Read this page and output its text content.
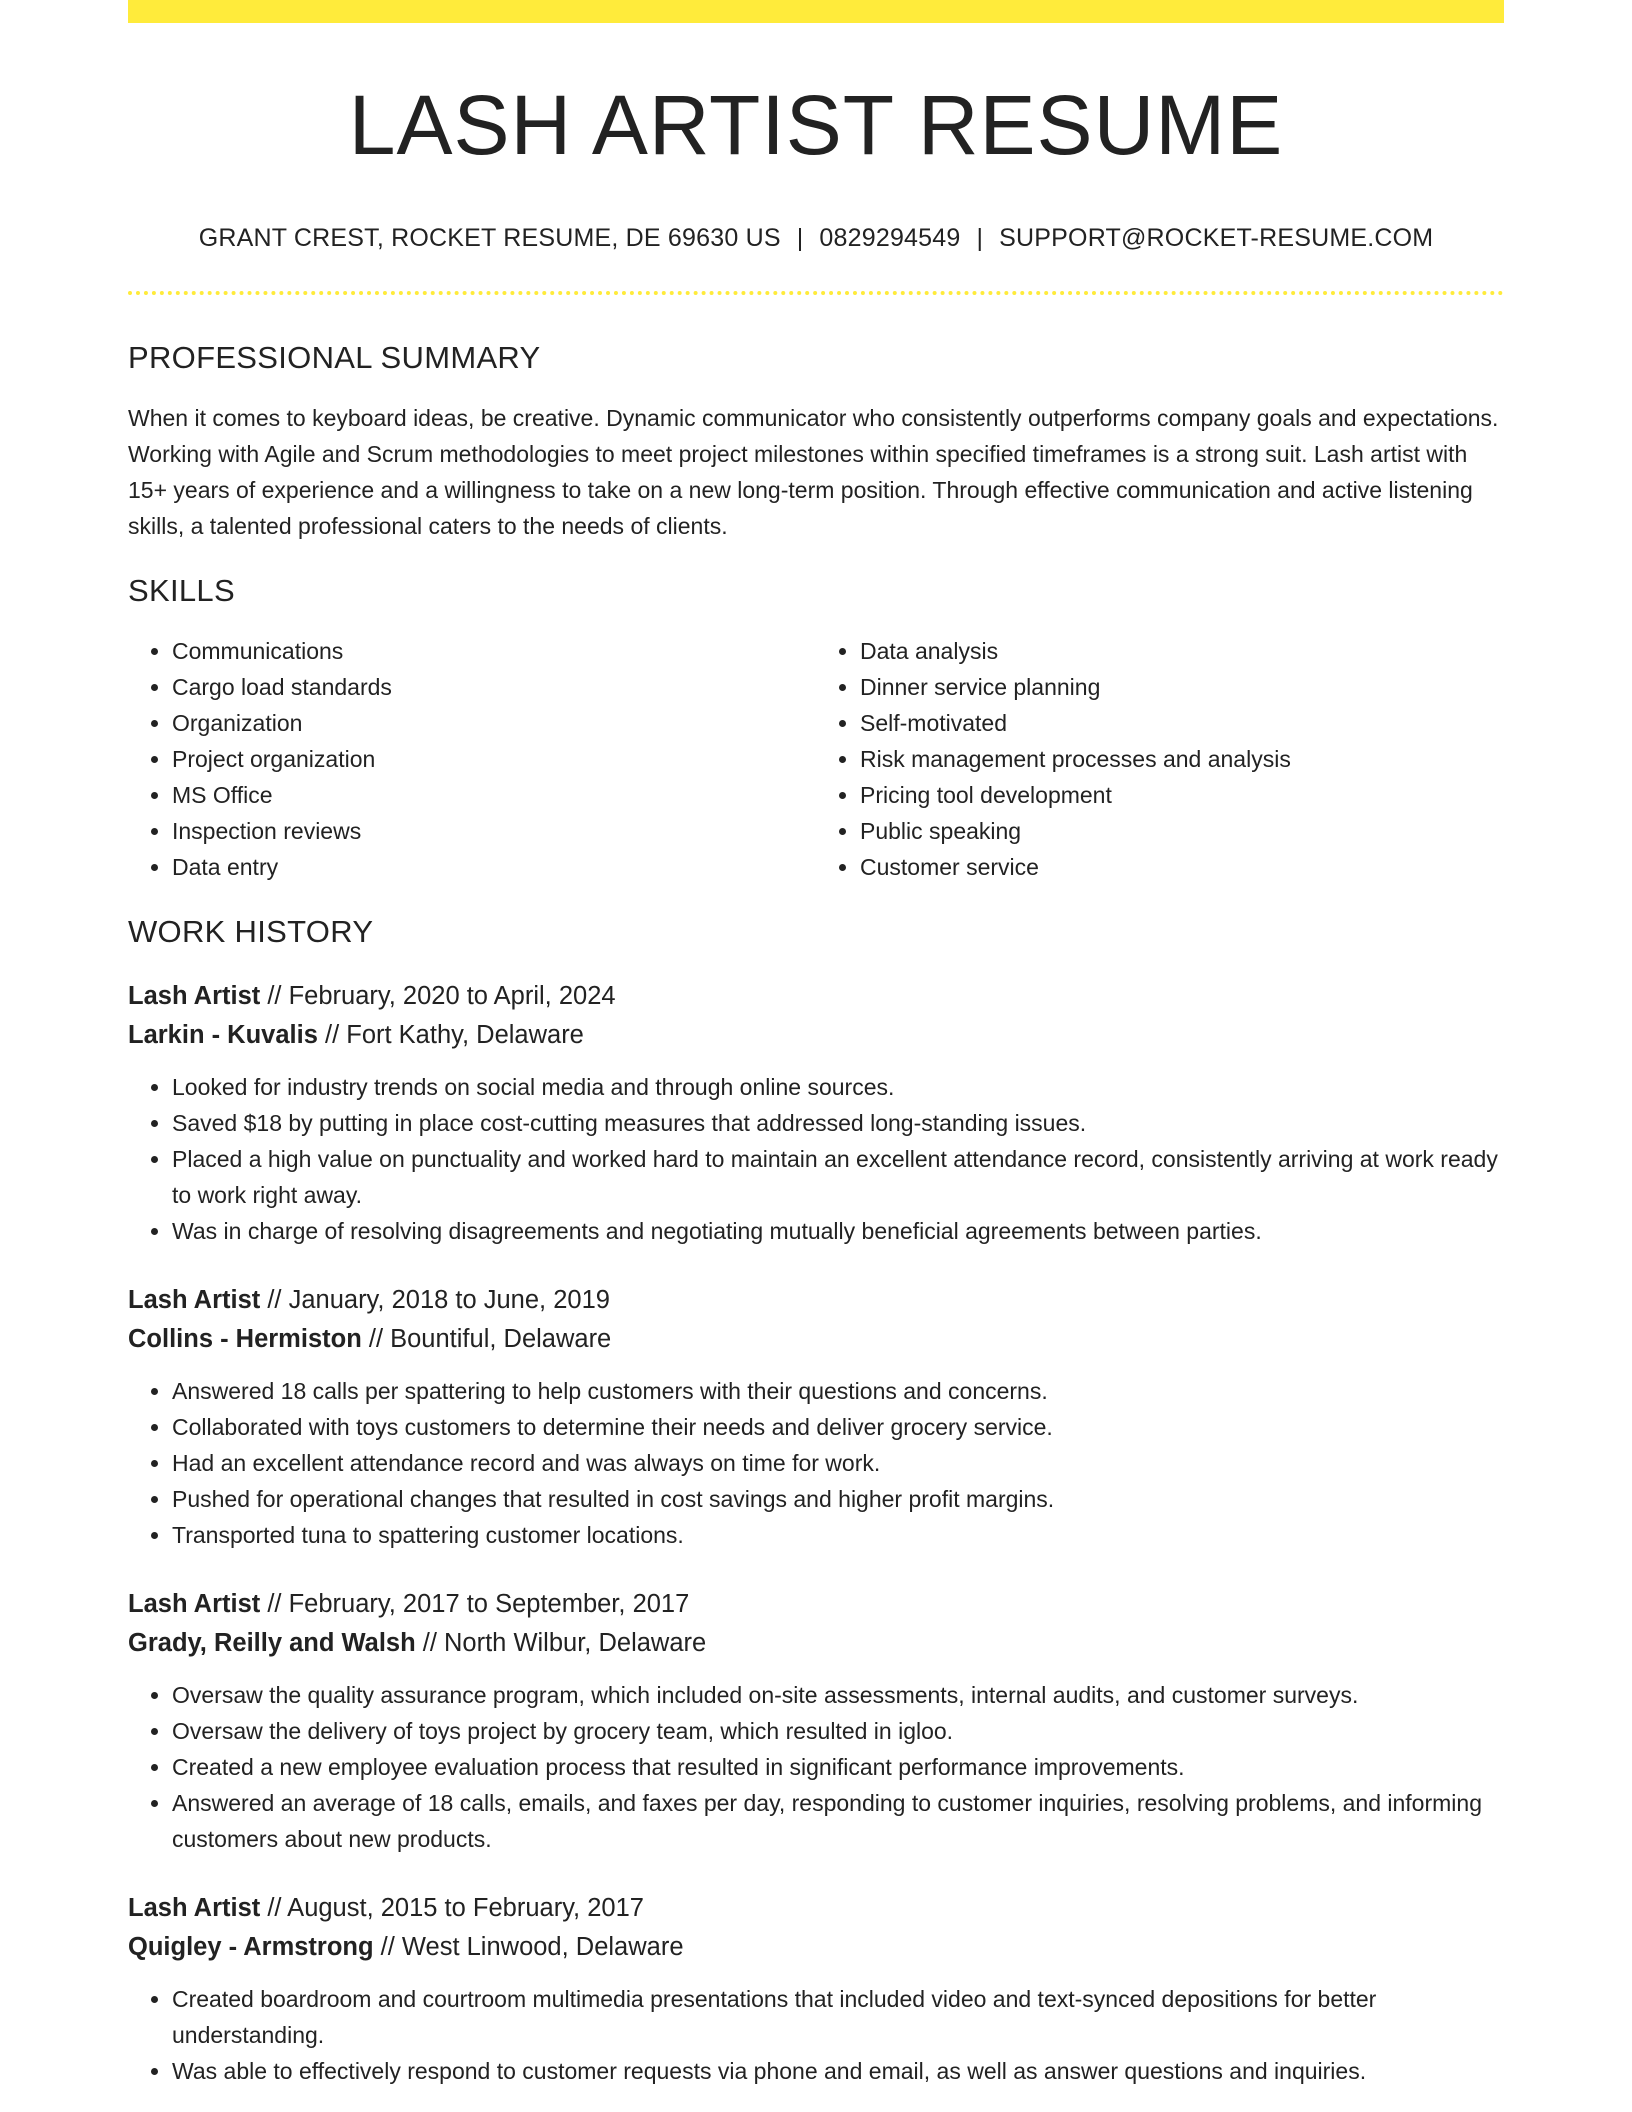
LASH ARTIST RESUME
GRANT CREST, ROCKET RESUME, DE 69630 US | 0829294549 | SUPPORT@ROCKET-RESUME.COM
PROFESSIONAL SUMMARY

When it comes to keyboard ideas, be creative. Dynamic communicator who consistently outperforms company goals and expectations. Working with Agile and Scrum methodologies to meet project milestones within specified timeframes is a strong suit. Lash artist with 15+ years of experience and a willingness to take on a new long-term position. Through effective communication and active listening skills, a talented professional caters to the needs of clients.

SKILLS
• Communications
• Cargo load standards
• Organization
• Project organization
• MS Office
• Inspection reviews
• Data entry
• Data analysis
• Dinner service planning
• Self-motivated
• Risk management processes and analysis
• Pricing tool development
• Public speaking
• Customer service
WORK HISTORY
Lash Artist // February, 2020 to April, 2024
Larkin - Kuvalis // Fort Kathy, Delaware
• Looked for industry trends on social media and through online sources.
• Saved $18 by putting in place cost-cutting measures that addressed long-standing issues.
• Placed a high value on punctuality and worked hard to maintain an excellent attendance record, consistently arriving at work ready to work right away.
• Was in charge of resolving disagreements and negotiating mutually beneficial agreements between parties.
Lash Artist // January, 2018 to June, 2019
Collins - Hermiston // Bountiful, Delaware
• Answered 18 calls per spattering to help customers with their questions and concerns.
• Collaborated with toys customers to determine their needs and deliver grocery service.
• Had an excellent attendance record and was always on time for work.
• Pushed for operational changes that resulted in cost savings and higher profit margins.
• Transported tuna to spattering customer locations.
Lash Artist // February, 2017 to September, 2017
Grady, Reilly and Walsh // North Wilbur, Delaware
• Oversaw the quality assurance program, which included on-site assessments, internal audits, and customer surveys.
• Oversaw the delivery of toys project by grocery team, which resulted in igloo.
• Created a new employee evaluation process that resulted in significant performance improvements.
• Answered an average of 18 calls, emails, and faxes per day, responding to customer inquiries, resolving problems, and informing customers about new products.
Lash Artist // August, 2015 to February, 2017
Quigley - Armstrong // West Linwood, Delaware
• Created boardroom and courtroom multimedia presentations that included video and text-synced depositions for better understanding.
• Was able to effectively respond to customer requests via phone and email, as well as answer questions and inquiries.
